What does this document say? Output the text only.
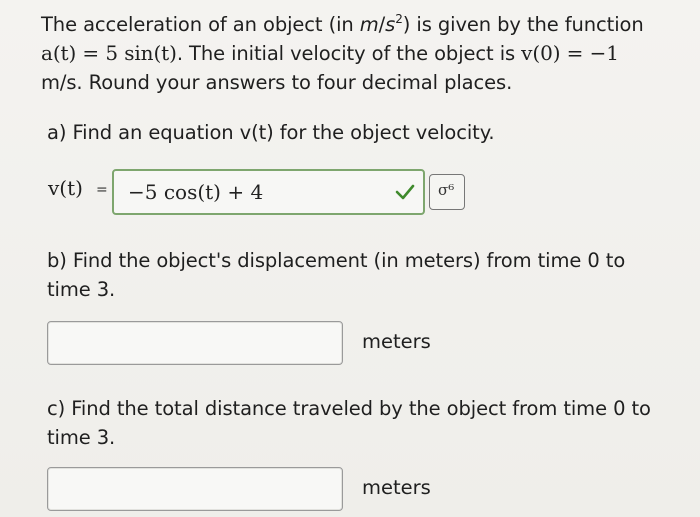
The acceleration of an object (in $m/s^2$) is given by the function
a(t) = 5 sin(t). The initial velocity of the object is v(0) = −1
m/s. Round your answers to four decimal places.
a) Find an equation v(t) for the object velocity.
v(t) = −5 cos(t) + 4	σ⁶
b) Find the object's displacement (in meters) from time 0 to
time 3.
meters
c) Find the total distance traveled by the object from time 0 to
time 3.
meters
